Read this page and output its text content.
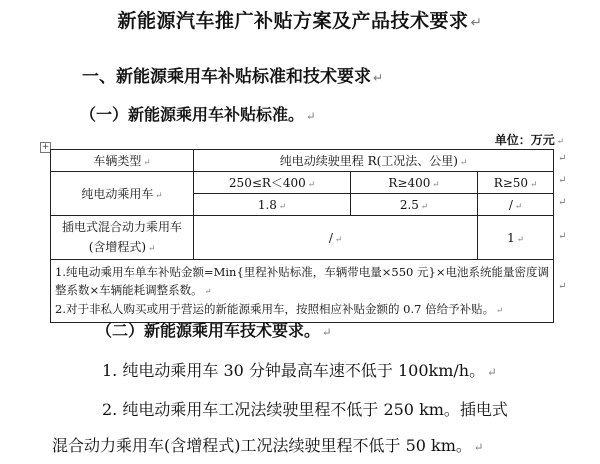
新能源汽车推广补贴方案及产品技术要求 ↵
一、新能源乘用车补贴标准和技术要求 ↵
（一）新能源乘用车补贴标准。 ↵
单位：万元 ↵
+
车辆类型 ↵	纯电动续驶里程 R(工况法、公里) ↵		
纯电动乘用车 ↵	250≤R＜400 ↵	R≥400 ↵	R≥50 ↵
	1.8 ↵	2.5 ↵	/ ↵
插电式混合动力乘用车(含增程式) ↵	/ ↵		1 ↵

1.纯电动乘用车单车补贴金额=Min{里程补贴标准，车辆带电量×550 元}×电池系统能量密度调整系数×车辆能耗调整系数。 ↵
2.对于非私人购买或用于营运的新能源乘用车，按照相应补贴金额的 0.7 倍给予补贴。 ↵			
↵
↵
↵
↵
↵
（二）新能源乘用车技术要求。 ↵
1. 纯电动乘用车 30 分钟最高车速不低于 100km/h。 ↵
2. 纯电动乘用车工况法续驶里程不低于 250 km。插电式
混合动力乘用车(含增程式)工况法续驶里程不低于 50 km。 ↵
